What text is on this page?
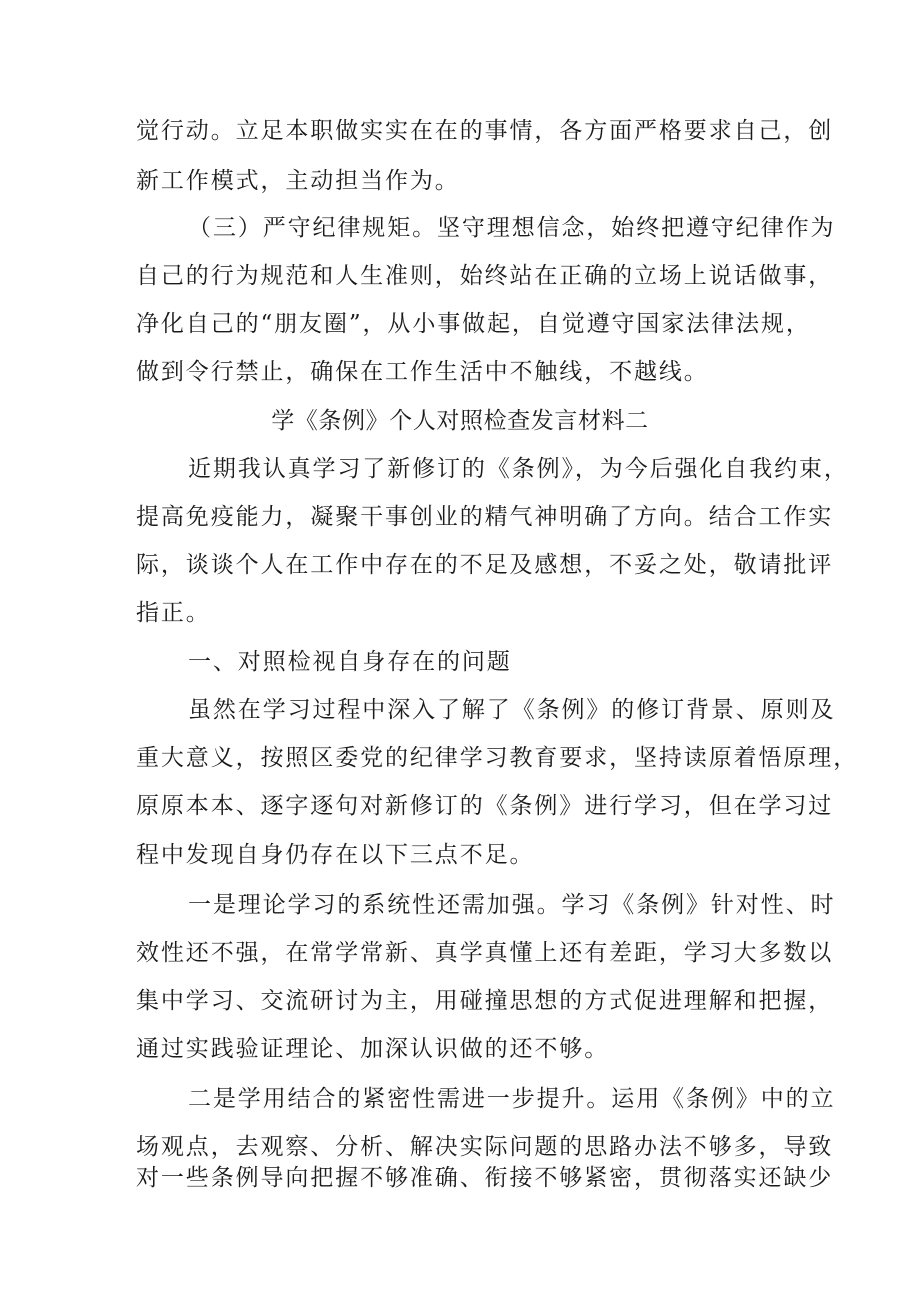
觉行动。立足本职做实实在在的事情，各方面严格要求自己，创
新工作模式，主动担当作为。
（三）严守纪律规矩。坚守理想信念，始终把遵守纪律作为
自己的行为规范和人生准则，始终站在正确的立场上说话做事，
净化自己的“朋友圈”，从小事做起，自觉遵守国家法律法规，
做到令行禁止，确保在工作生活中不触线，不越线。
学《条例》个人对照检查发言材料二
近期我认真学习了新修订的《条例》，为今后强化自我约束，
提高免疫能力，凝聚干事创业的精气神明确了方向。结合工作实
际，谈谈个人在工作中存在的不足及感想，不妥之处，敬请批评
指正。
一、对照检视自身存在的问题
虽然在学习过程中深入了解了《条例》的修订背景、原则及
重大意义，按照区委党的纪律学习教育要求，坚持读原着悟原理，
原原本本、逐字逐句对新修订的《条例》进行学习，但在学习过
程中发现自身仍存在以下三点不足。
一是理论学习的系统性还需加强。学习《条例》针对性、时
效性还不强，在常学常新、真学真懂上还有差距，学习大多数以
集中学习、交流研讨为主，用碰撞思想的方式促进理解和把握，
通过实践验证理论、加深认识做的还不够。
二是学用结合的紧密性需进一步提升。运用《条例》中的立
场观点，去观察、分析、解决实际问题的思路办法不够多，导致
对一些条例导向把握不够准确、衔接不够紧密，贯彻落实还缺少
